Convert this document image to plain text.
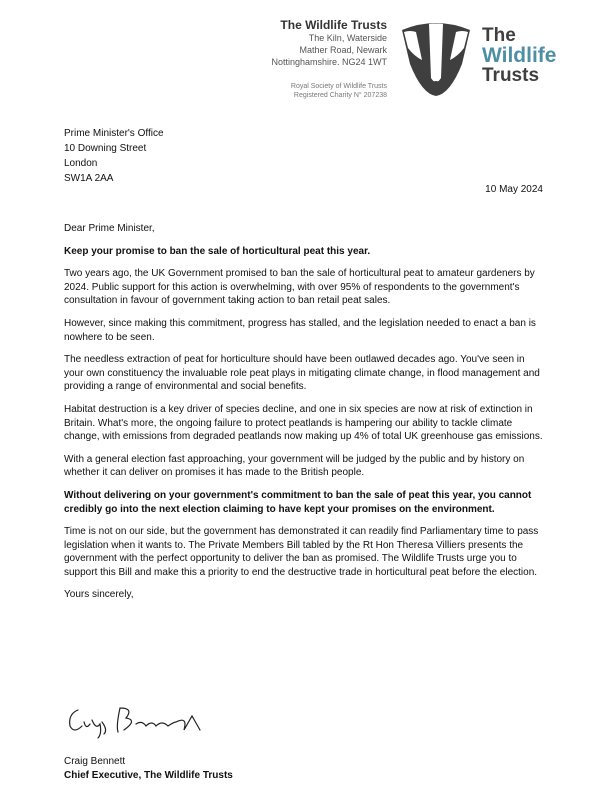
The Wildlife Trusts
The Kiln, Waterside
Mather Road, Newark
Nottinghamshire. NG24 1WT
Royal Society of Wildlife Trusts
Registered Charity N° 207238
The
Wildlife
Trusts
Prime Minister's Office
10 Downing Street
London
SW1A 2AA
10 May 2024

Dear Prime Minister,

Keep your promise to ban the sale of horticultural peat this year.

Two years ago, the UK Government promised to ban the sale of horticultural peat to amateur gardeners by 2024. Public support for this action is overwhelming, with over 95% of respondents to the government's consultation in favour of government taking action to ban retail peat sales.

However, since making this commitment, progress has stalled, and the legislation needed to enact a ban is nowhere to be seen.

The needless extraction of peat for horticulture should have been outlawed decades ago. You've seen in your own constituency the invaluable role peat plays in mitigating climate change, in flood management and providing a range of environmental and social benefits.

Habitat destruction is a key driver of species decline, and one in six species are now at risk of extinction in Britain. What's more, the ongoing failure to protect peatlands is hampering our ability to tackle climate change, with emissions from degraded peatlands now making up 4% of total UK greenhouse gas emissions.

With a general election fast approaching, your government will be judged by the public and by history on whether it can deliver on promises it has made to the British people.

Without delivering on your government's commitment to ban the sale of peat this year, you cannot credibly go into the next election claiming to have kept your promises on the environment.

Time is not on our side, but the government has demonstrated it can readily find Parliamentary time to pass legislation when it wants to. The Private Members Bill tabled by the Rt Hon Theresa Villiers presents the government with the perfect opportunity to deliver the ban as promised. The Wildlife Trusts urge you to support this Bill and make this a priority to end the destructive trade in horticultural peat before the election.

Yours sincerely,

Craig Bennett
Chief Executive, The Wildlife Trusts
